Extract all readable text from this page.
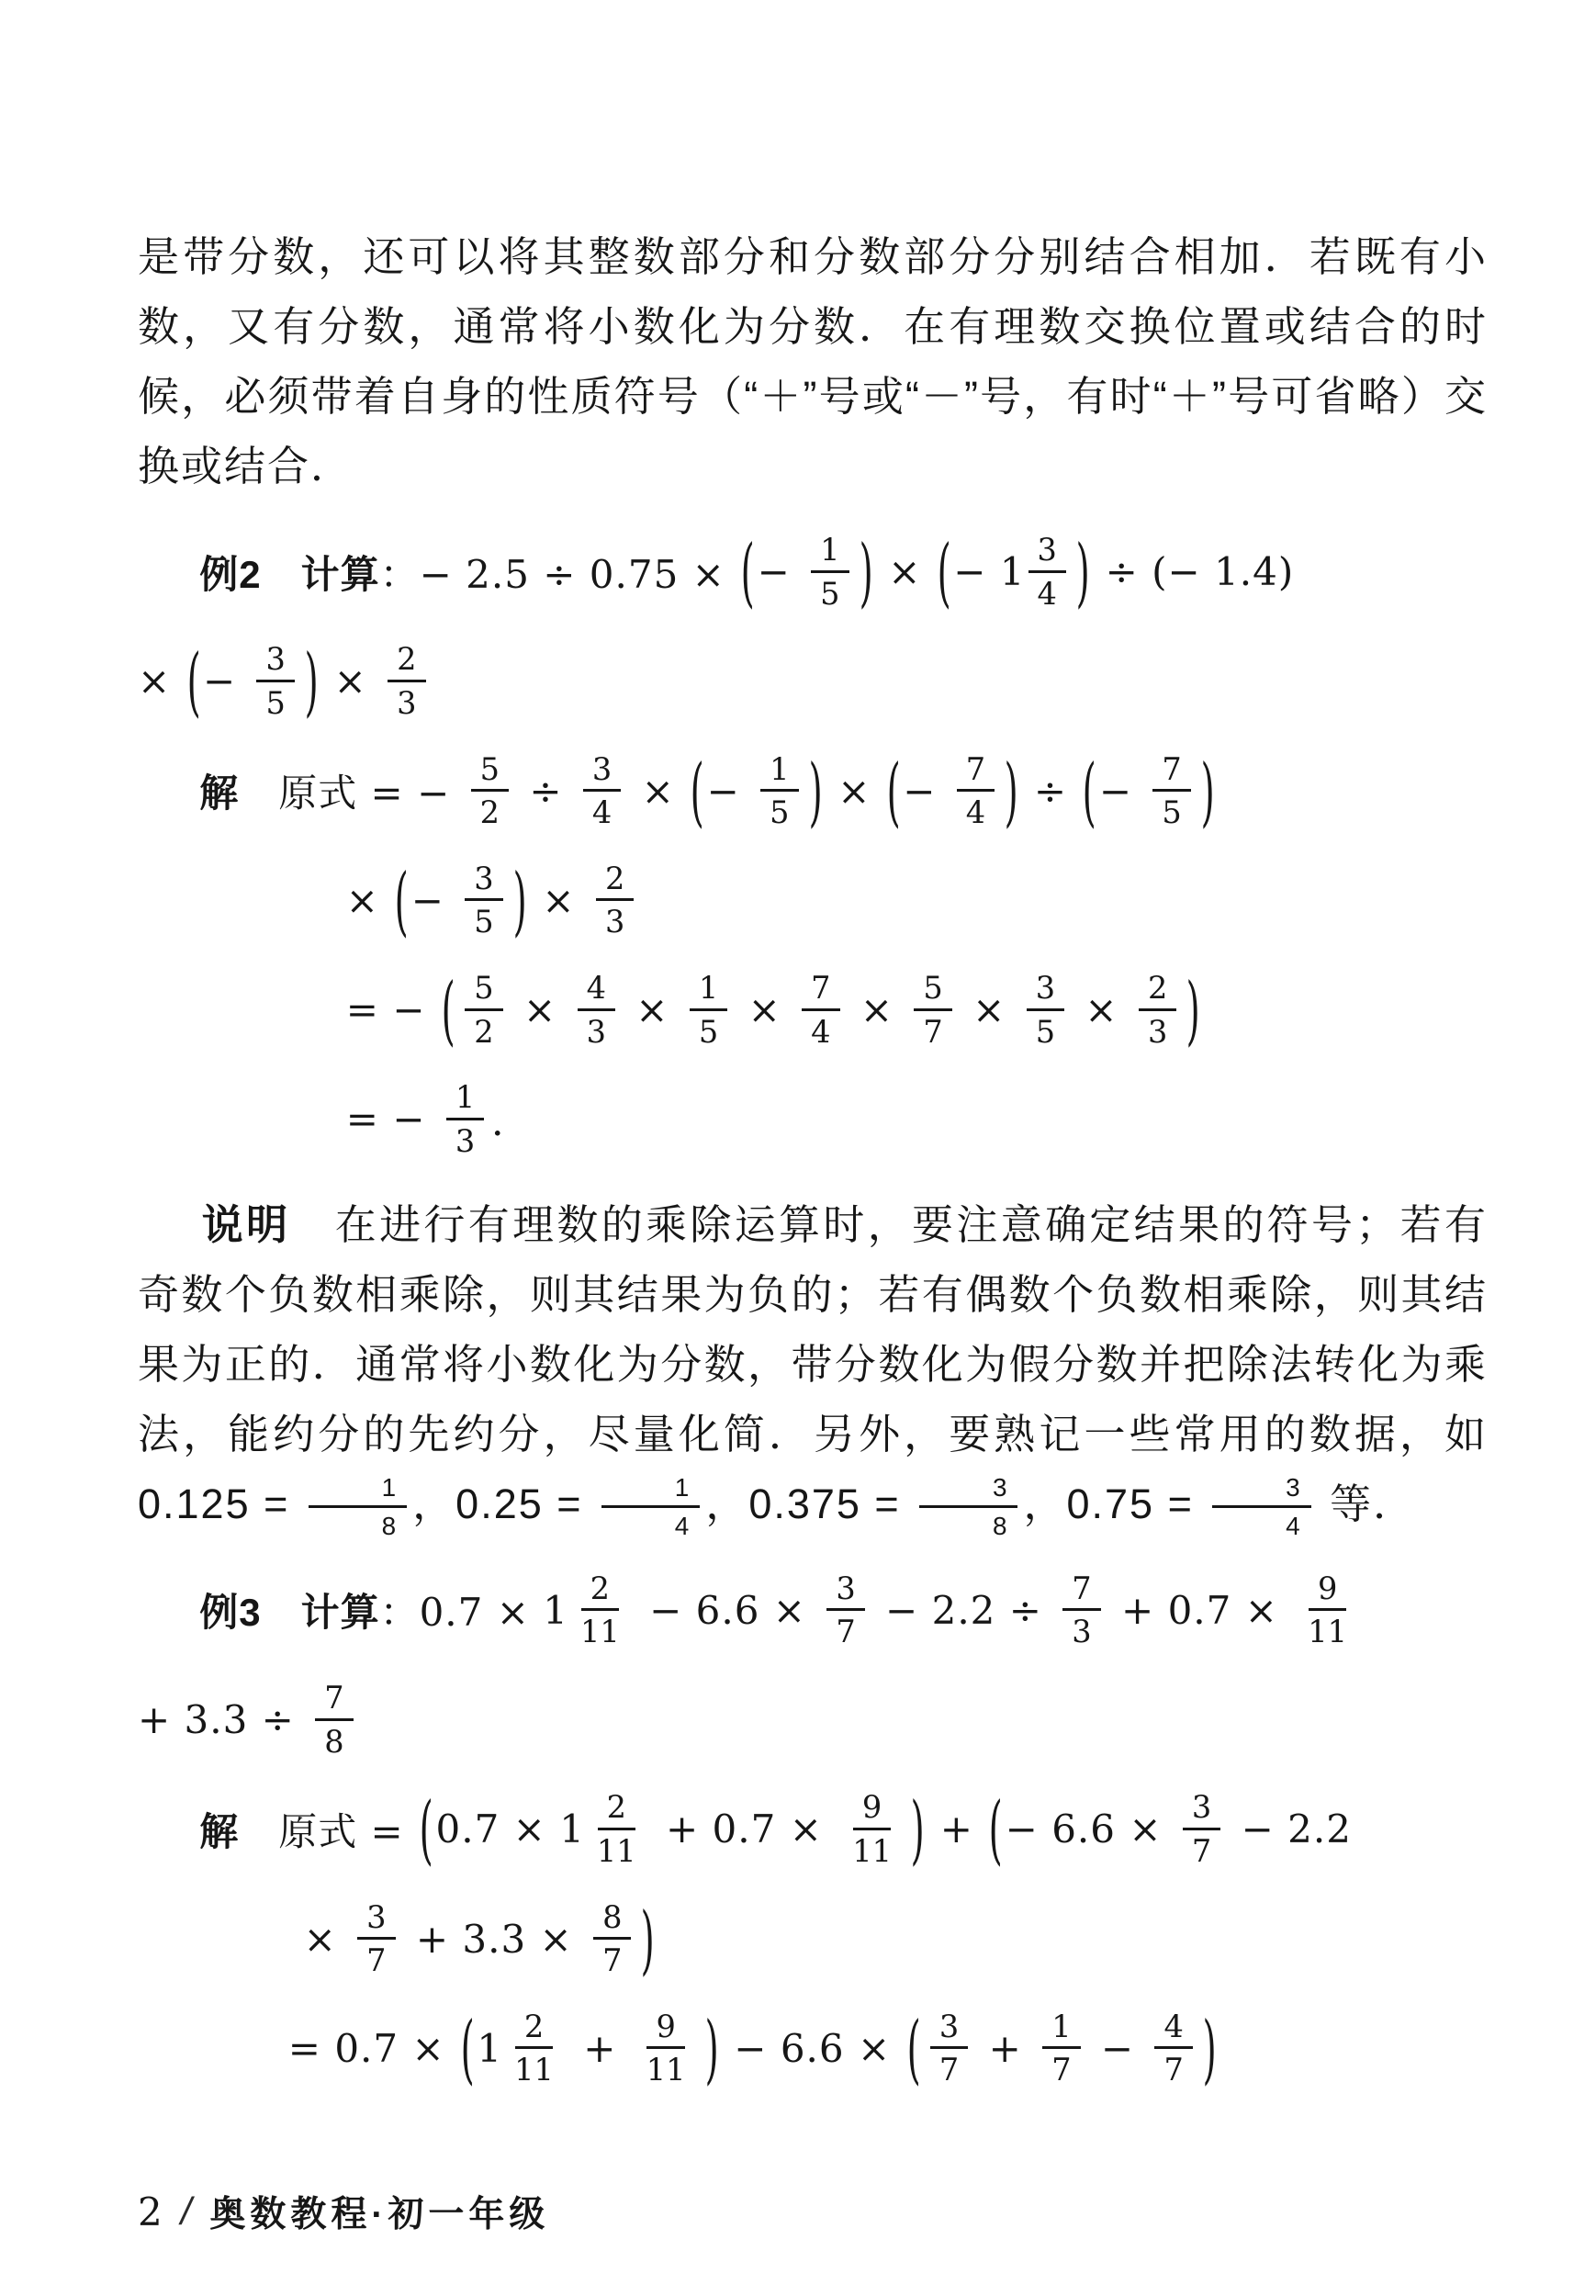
是带分数，还可以将其整数部分和分数部分分别结合相加．若既有小数，又有分数，通常将小数化为分数．在有理数交换位置或结合的时候，必须带着自身的性质符号（“＋”号或“－”号，有时“＋”号可省略）交换或结合．
例2
　 计算 ：− 2.5 ÷ 0.75 × ( − $\frac{1}{5}$ ) × ( − $1 \frac{3}{4}$ ) ÷ (− 1.4)
× ( − $\frac{3}{5}$ ) × $\frac{2}{3}$
解 　原式 = − $\frac{5}{2} \div \frac{3}{4}$ × ( − $\frac{1}{5}$ ) × ( − $\frac{7}{4}$ ) ÷ ( − $\frac{7}{5}$ )
× ( − $\frac{3}{5}$ ) × $\frac{2}{3}$
= − ( $\frac{5}{2} \times \frac{4}{3} \times \frac{1}{5} \times \frac{7}{4} \times \frac{5}{7} \times \frac{3}{5} \times \frac{2}{3}$ )
= − $\frac{1}{3}$ ．
说明　在进行有理数的乘除运算时，要注意确定结果的符号；若有奇数个负数相乘除，则其结果为负的；若有偶数个负数相乘除，则其结果为正的．通常将小数化为分数，带分数化为假分数并把除法转化为乘法，能约分的先约分，尽量化简．另外，要熟记一些常用的数据，如 $0.125 = \frac{1}{8}$ ，$0.25 = \frac{1}{4}$ ，$0.375 = \frac{3}{8}$ ，$0.75 = \frac{3}{4}$ 等．
例3
　 计算 ：$0.7 \times 1 \frac{2}{11} - 6.6 \times \frac{3}{7} - 2.2 \div \frac{7}{3} + 0.7 \times \frac{9}{11}$
+ $3.3 \div \frac{7}{8}$
解 　原式 = ( $0.7 \times 1 \frac{2}{11} + 0.7 \times \frac{9}{11}$ ) + ( − $6.6 \times \frac{3}{7} - 2.2$
× $\frac{3}{7} + 3.3 \times \frac{8}{7}$ )
= 0.7 × ( $1 \frac{2}{11} + \frac{9}{11}$ ) − 6.6 × ( $\frac{3}{7} + \frac{1}{7} - \frac{4}{7}$ )
2 / 奥数教程·初一年级
